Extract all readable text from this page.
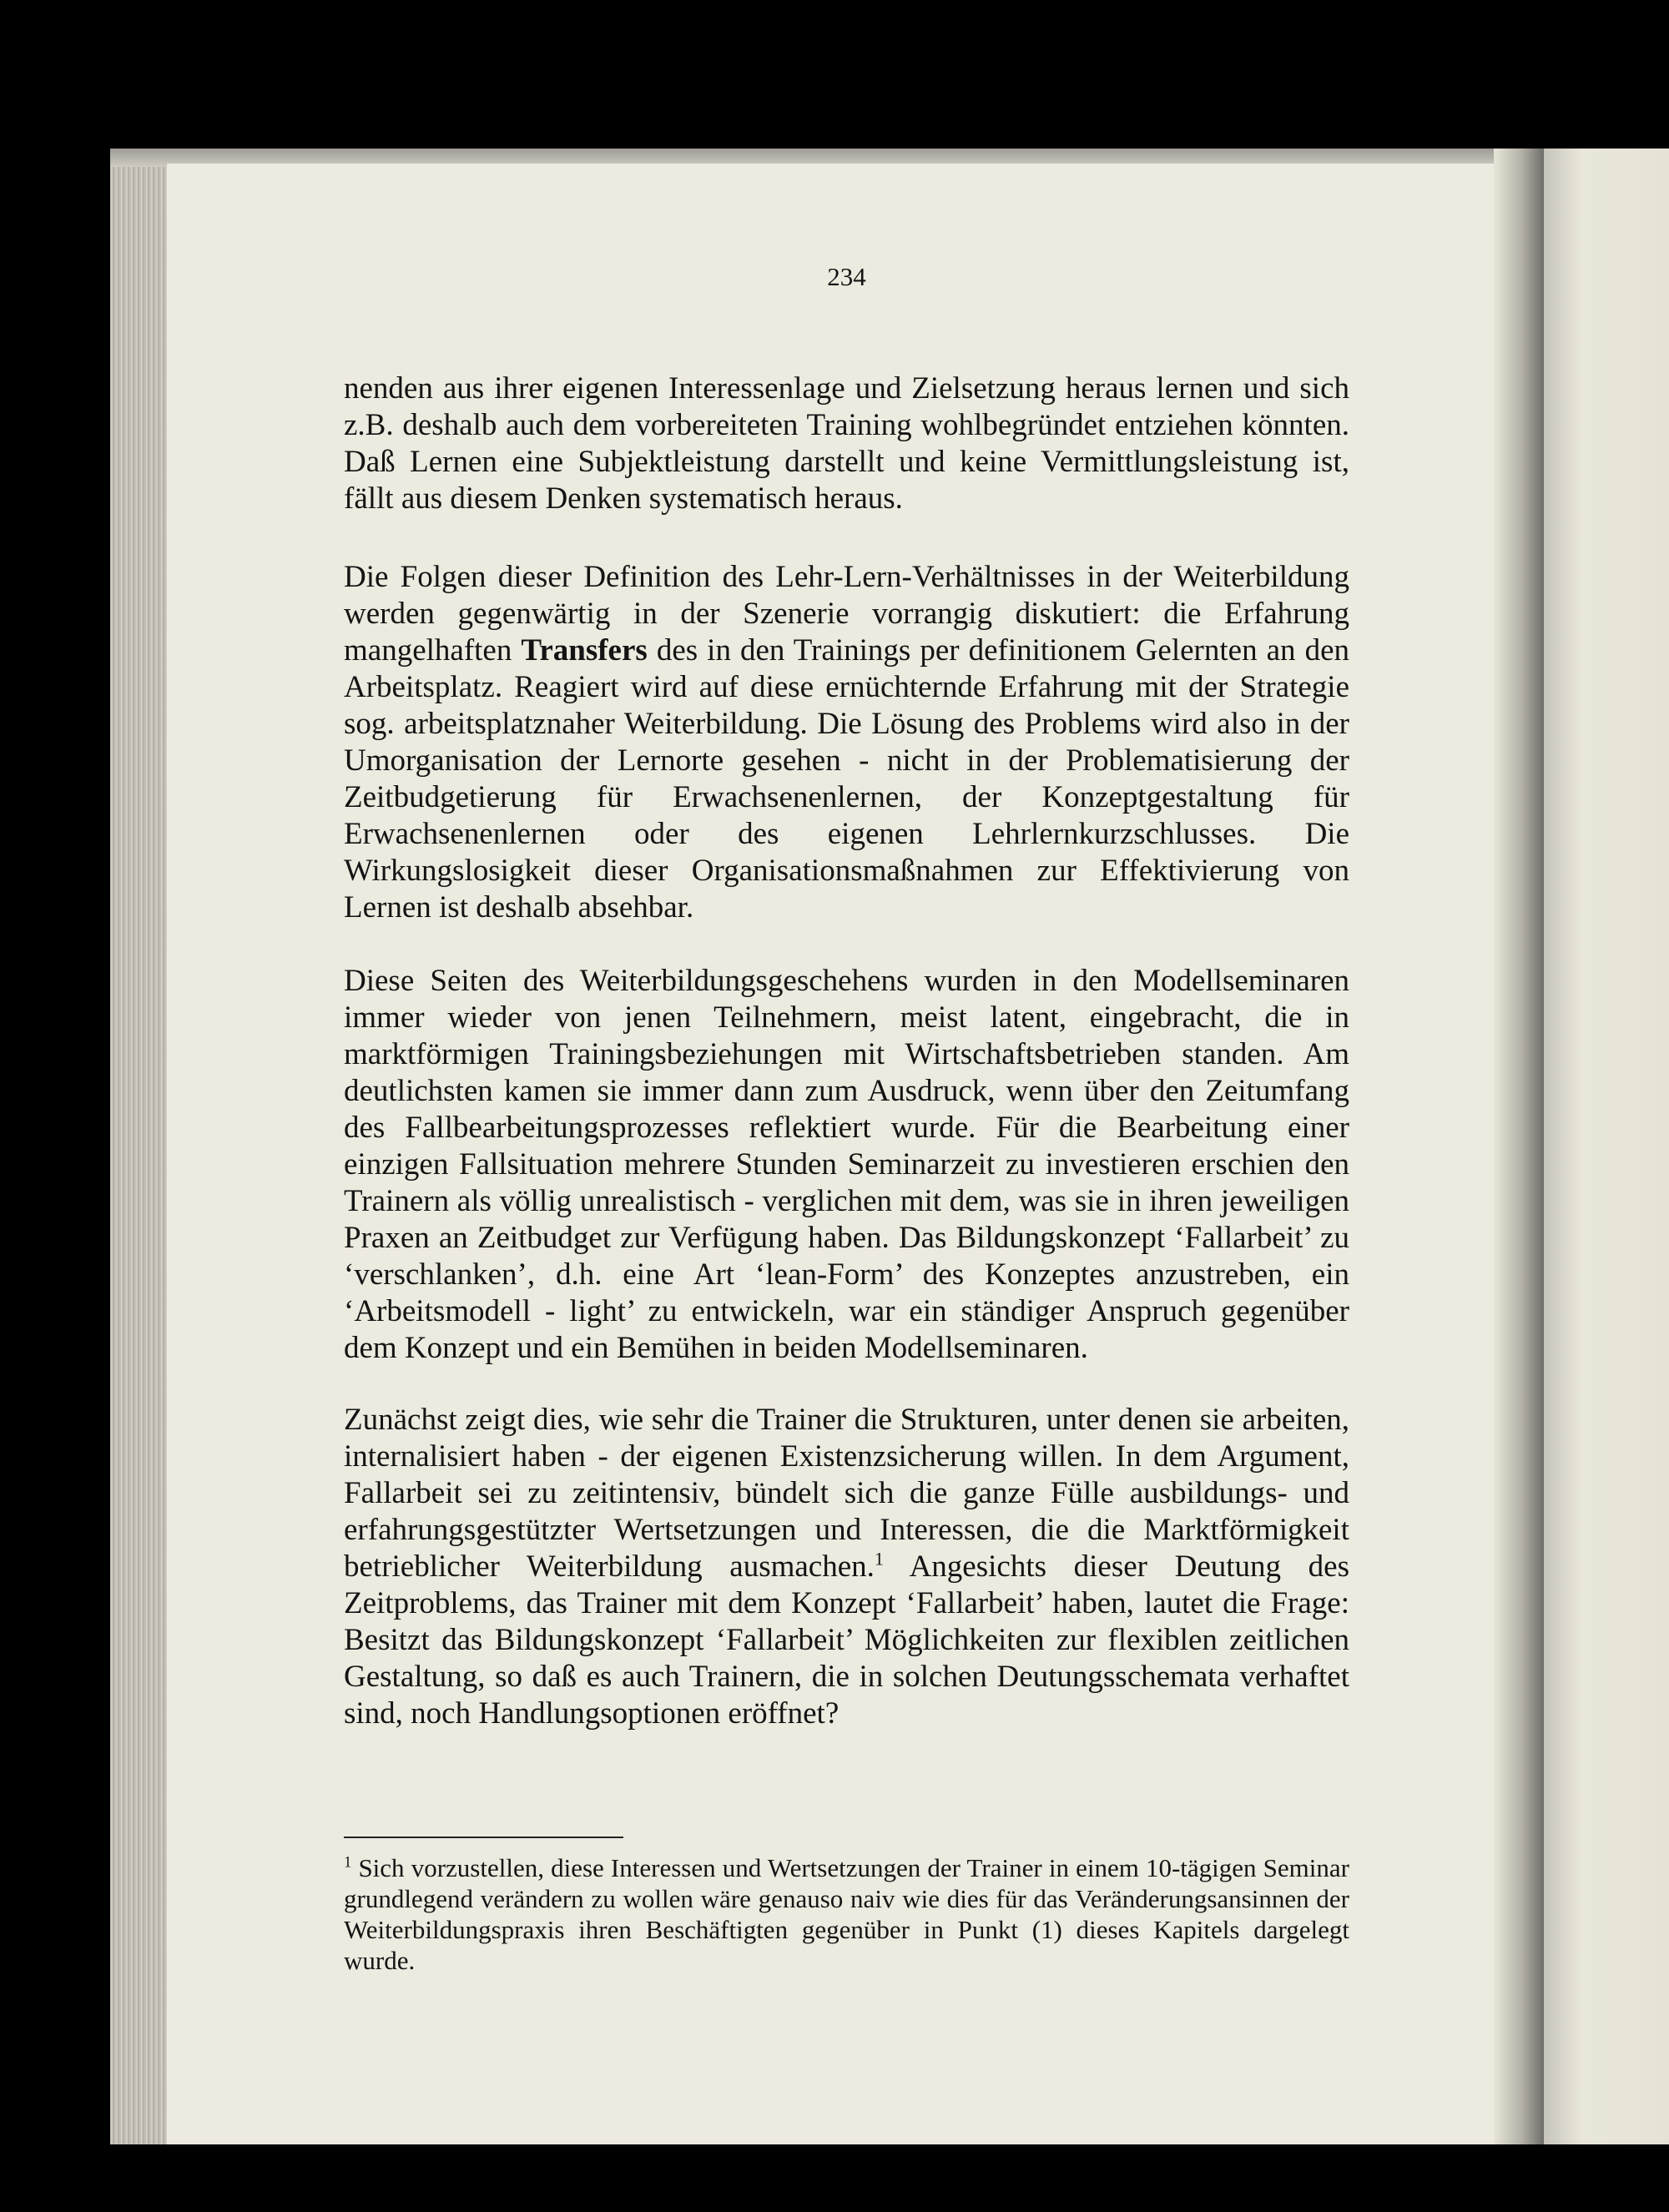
234

nenden aus ihrer eigenen Interessenlage und Zielsetzung heraus lernen und sich z.B. deshalb auch dem vorbereiteten Training wohlbegründet entziehen könnten. Daß Lernen eine Subjektleistung darstellt und keine Vermittlungsleistung ist, fällt aus diesem Denken systematisch heraus.

Die Folgen dieser Definition des Lehr-Lern-Verhältnisses in der Weiterbildung werden gegenwärtig in der Szenerie vorrangig diskutiert: die Erfahrung mangelhaften Transfers des in den Trainings per definitionem Gelernten an den Arbeitsplatz. Reagiert wird auf diese ernüchternde Erfahrung mit der Strategie sog. arbeitsplatznaher Weiterbildung. Die Lösung des Problems wird also in der Umorganisation der Lernorte gesehen - nicht in der Problematisierung der Zeitbudgetierung für Erwachsenenlernen, der Konzeptgestaltung für Erwachsenenlernen oder des eigenen Lehrlernkurzschlusses. Die Wirkungslosigkeit dieser Organisationsmaßnahmen zur Effektivierung von Lernen ist deshalb absehbar.

Diese Seiten des Weiterbildungsgeschehens wurden in den Modellseminaren immer wieder von jenen Teilnehmern, meist latent, eingebracht, die in marktförmigen Trainingsbeziehungen mit Wirtschaftsbetrieben standen. Am deutlichsten kamen sie immer dann zum Ausdruck, wenn über den Zeitumfang des Fallbearbeitungsprozesses reflektiert wurde. Für die Bearbeitung einer einzigen Fallsituation mehrere Stunden Seminarzeit zu investieren erschien den Trainern als völlig unrealistisch - verglichen mit dem, was sie in ihren jeweiligen Praxen an Zeitbudget zur Verfügung haben. Das Bildungskonzept ‘Fallarbeit’ zu ‘verschlanken’, d.h. eine Art ‘lean-Form’ des Konzeptes anzustreben, ein ‘Arbeitsmodell - light’ zu entwickeln, war ein ständiger Anspruch gegenüber dem Konzept und ein Bemühen in beiden Modellseminaren.

Zunächst zeigt dies, wie sehr die Trainer die Strukturen, unter denen sie arbeiten, internalisiert haben - der eigenen Existenzsicherung willen. In dem Argument, Fallarbeit sei zu zeitintensiv, bündelt sich die ganze Fülle ausbildungs- und erfahrungsgestützter Wertsetzungen und Interessen, die die Marktförmigkeit betrieblicher Weiterbildung ausmachen.$^1$ Angesichts dieser Deutung des Zeitproblems, das Trainer mit dem Konzept ‘Fallarbeit’ haben, lautet die Frage: Besitzt das Bildungskonzept ‘Fallarbeit’ Möglichkeiten zur flexiblen zeitlichen Gestaltung, so daß es auch Trainern, die in solchen Deutungsschemata verhaftet sind, noch Handlungsoptionen eröffnet?

$^1$ Sich vorzustellen, diese Interessen und Wertsetzungen der Trainer in einem 10-tägigen Seminar grundlegend verändern zu wollen wäre genauso naiv wie dies für das Veränderungsansinnen der Weiterbildungspraxis ihren Beschäftigten gegenüber in Punkt (1) dieses Kapitels dargelegt wurde.
